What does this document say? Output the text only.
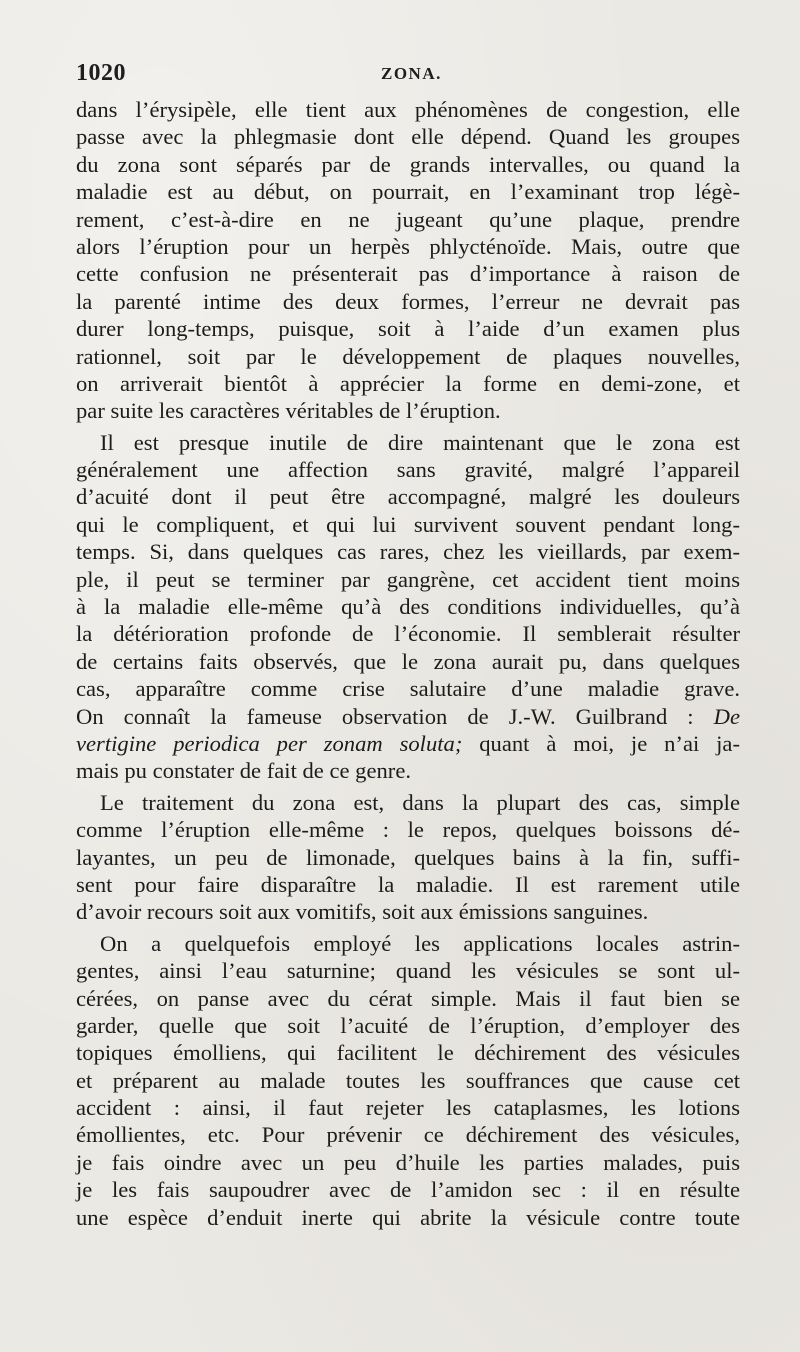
1020	ZONA.
dans l’érysipèle, elle tient aux phénomènes de congestion, elle
passe avec la phlegmasie dont elle dépend. Quand les groupes
du zona sont séparés par de grands intervalles, ou quand la
maladie est au début, on pourrait, en l’examinant trop légè-
rement, c’est-à-dire en ne jugeant qu’une plaque, prendre
alors l’éruption pour un herpès phlycténoïde. Mais, outre que
cette confusion ne présenterait pas d’importance à raison de
la parenté intime des deux formes, l’erreur ne devrait pas
durer long-temps, puisque, soit à l’aide d’un examen plus
rationnel, soit par le développement de plaques nouvelles,
on arriverait bientôt à apprécier la forme en demi-zone, et
par suite les caractères véritables de l’éruption.
Il est presque inutile de dire maintenant que le zona est
généralement une affection sans gravité, malgré l’appareil
d’acuité dont il peut être accompagné, malgré les douleurs
qui le compliquent, et qui lui survivent souvent pendant long-
temps. Si, dans quelques cas rares, chez les vieillards, par exem-
ple, il peut se terminer par gangrène, cet accident tient moins
à la maladie elle-même qu’à des conditions individuelles, qu’à
la détérioration profonde de l’économie. Il semblerait résulter
de certains faits observés, que le zona aurait pu, dans quelques
cas, apparaître comme crise salutaire d’une maladie grave.
On connaît la fameuse observation de J.-W. Guilbrand : De
vertigine periodica per zonam soluta; quant à moi, je n’ai ja-
mais pu constater de fait de ce genre.
Le traitement du zona est, dans la plupart des cas, simple
comme l’éruption elle-même : le repos, quelques boissons dé-
layantes, un peu de limonade, quelques bains à la fin, suffi-
sent pour faire disparaître la maladie. Il est rarement utile
d’avoir recours soit aux vomitifs, soit aux émissions sanguines.
On a quelquefois employé les applications locales astrin-
gentes, ainsi l’eau saturnine; quand les vésicules se sont ul-
cérées, on panse avec du cérat simple. Mais il faut bien se
garder, quelle que soit l’acuité de l’éruption, d’employer des
topiques émolliens, qui facilitent le déchirement des vésicules
et préparent au malade toutes les souffrances que cause cet
accident : ainsi, il faut rejeter les cataplasmes, les lotions
émollientes, etc. Pour prévenir ce déchirement des vésicules,
je fais oindre avec un peu d’huile les parties malades, puis
je les fais saupoudrer avec de l’amidon sec : il en résulte
une espèce d’enduit inerte qui abrite la vésicule contre toute
